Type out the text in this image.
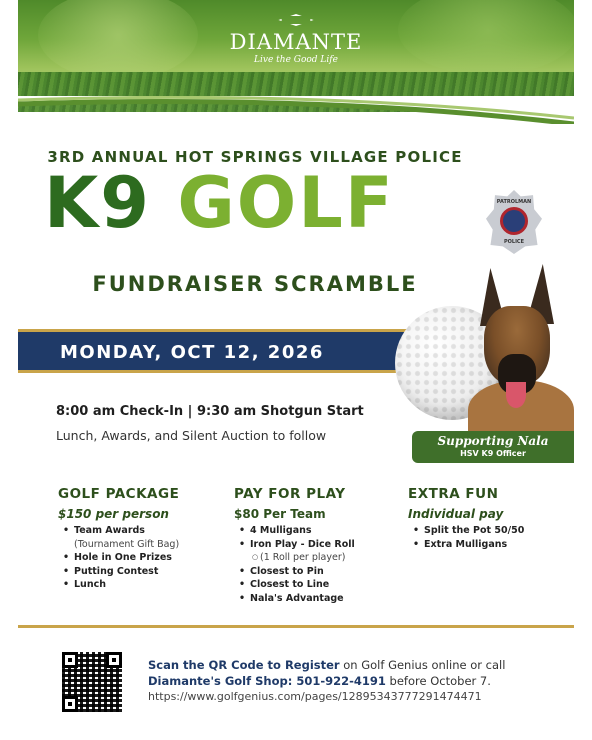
DIAMANTE
Live the Good Life
3RD ANNUAL HOT SPRINGS VILLAGE POLICE
K9 GOLF
FUNDRAISER SCRAMBLE
PATROLMAN
POLICE
MONDAY, OCT 12, 2026
Supporting Nala
HSV K9 Officer
8:00 am Check-In | 9:30 am Shotgun Start
Lunch, Awards, and Silent Auction to follow
GOLF PACKAGE
$150 per person
• Team Awards
(Tournament Gift Bag)
• Hole in One Prizes
• Putting Contest
• Lunch
PAY FOR PLAY
$80 Per Team
• 4 Mulligans
• Iron Play - Dice Roll
○ (1 Roll per player)
• Closest to Pin
• Closest to Line
• Nala's Advantage
EXTRA FUN
Individual pay
• Split the Pot 50/50
• Extra Mulligans
Scan the QR Code to Register on Golf Genius online or call
Diamante's Golf Shop: 501-922-4191 before October 7.
https://www.golfgenius.com/pages/12895343777291474471
